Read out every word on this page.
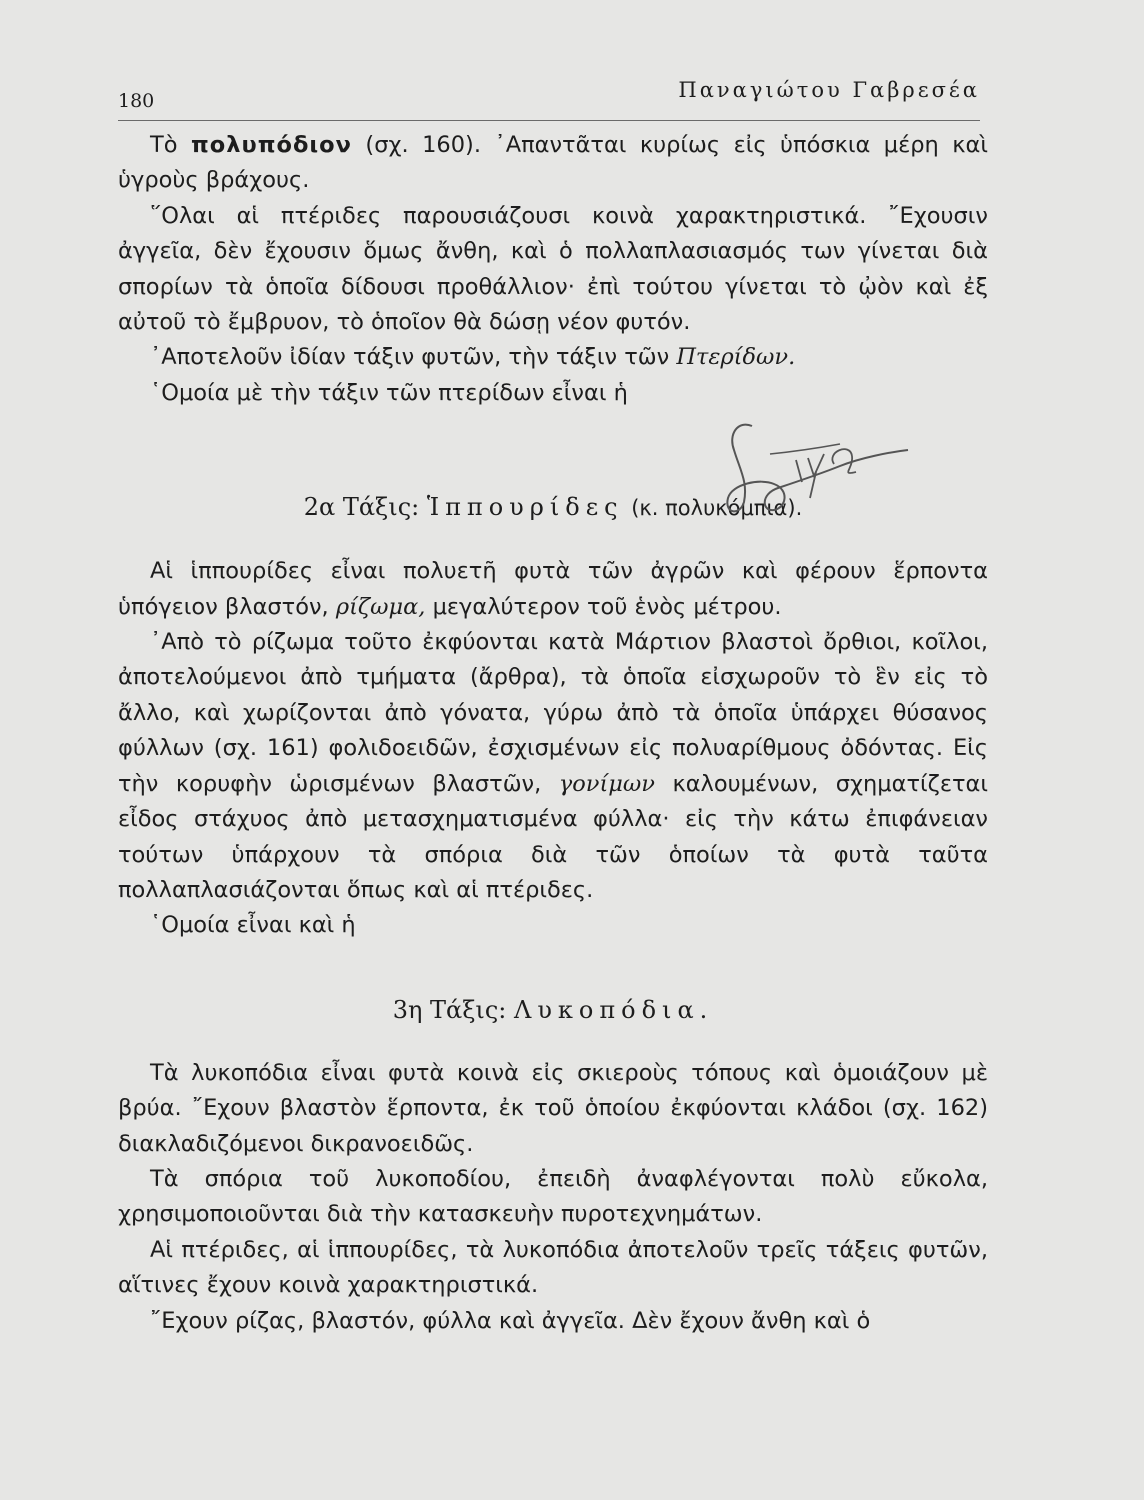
180	Παναγιώτου Γαβρεσέα

Τὸ πολυπόδιον (σχ. 160). ᾿Απαντᾶται κυρίως εἰς ὑπόσκια μέρη καὶ ὑγροὺς βράχους.

῞Ολαι αἱ πτέριδες παρουσιάζουσι κοινὰ χαρακτηριστικά. ῎Εχουσιν ἀγγεῖα, δὲν ἔχουσιν ὅμως ἄνθη, καὶ ὁ πολλαπλασιασμός των γίνεται διὰ σπορίων τὰ ὁποῖα δίδουσι προθάλλιον· ἐπὶ τούτου γίνεται τὸ ᾠὸν καὶ ἐξ αὐτοῦ τὸ ἔμβρυον, τὸ ὁποῖον θὰ δώσῃ νέον φυτόν.

᾿Αποτελοῦν ἰδίαν τάξιν φυτῶν, τὴν τάξιν τῶν Πτερίδων.

῾Ομοία μὲ τὴν τάξιν τῶν πτερίδων εἶναι ἡ

2α Τάξις: Ἱππουρίδες (κ. πολυκόμπια).

Αἱ ἱππουρίδες εἶναι πολυετῆ φυτὰ τῶν ἀγρῶν καὶ φέρουν ἕρποντα ὑπόγειον βλαστόν, ρίζωμα, μεγαλύτερον τοῦ ἑνὸς μέτρου.

᾿Απὸ τὸ ρίζωμα τοῦτο ἐκφύονται κατὰ Μάρτιον βλαστοὶ ὄρθιοι, κοῖλοι, ἀποτελούμενοι ἀπὸ τμήματα (ἄρθρα), τὰ ὁποῖα εἰσχωροῦν τὸ ἓν εἰς τὸ ἄλλο, καὶ χωρίζονται ἀπὸ γόνατα, γύρω ἀπὸ τὰ ὁποῖα ὑπάρχει θύσανος φύλλων (σχ. 161) φολιδοειδῶν, ἐσχισμένων εἰς πολυαρίθμους ὀδόντας. Εἰς τὴν κορυφὴν ὡρισμένων βλαστῶν, γονίμων καλουμένων, σχηματίζεται εἶδος στάχυος ἀπὸ μετασχηματισμένα φύλλα· εἰς τὴν κάτω ἐπιφάνειαν τούτων ὑπάρχουν τὰ σπόρια διὰ τῶν ὁποίων τὰ φυτὰ ταῦτα πολλαπλασιάζονται ὅπως καὶ αἱ πτέριδες.

῾Ομοία εἶναι καὶ ἡ

3η Τάξις: Λυκοπόδια.

Τὰ λυκοπόδια εἶναι φυτὰ κοινὰ εἰς σκιεροὺς τόπους καὶ ὁμοιάζουν μὲ βρύα. ῎Εχουν βλαστὸν ἕρποντα, ἐκ τοῦ ὁποίου ἐκφύονται κλάδοι (σχ. 162) διακλαδιζόμενοι δικρανοειδῶς.

Τὰ σπόρια τοῦ λυκοποδίου, ἐπειδὴ ἀναφλέγονται πολὺ εὔκολα, χρησιμοποιοῦνται διὰ τὴν κατασκευὴν πυροτεχνημάτων.

Αἱ πτέριδες, αἱ ἱππουρίδες, τὰ λυκοπόδια ἀποτελοῦν τρεῖς τάξεις φυτῶν, αἵτινες ἔχουν κοινὰ χαρακτηριστικά.

῎Εχουν ρίζας, βλαστόν, φύλλα καὶ ἀγγεῖα. Δὲν ἔχουν ἄνθη καὶ ὁ
